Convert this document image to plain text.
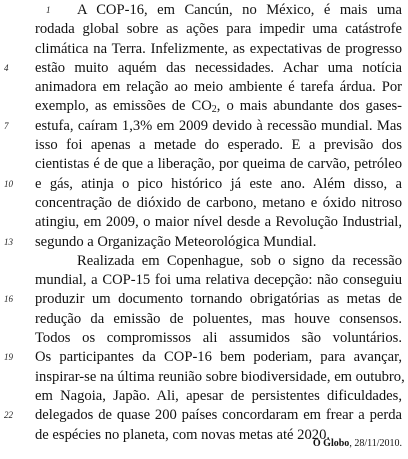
1 A COP-16, em Cancún, no México, é mais uma
rodada global sobre as ações para impedir uma catástrofe
climática na Terra. Infelizmente, as expectativas de progresso
4	estão muito aquém das necessidades. Achar uma notícia
animadora em relação ao meio ambiente é tarefa árdua. Por
exemplo, as emissões de $CO_2$, o mais abundante dos gases-
7	estufa, caíram 1,3% em 2009 devido à recessão mundial. Mas
isso foi apenas a metade do esperado. E a previsão dos
cientistas é de que a liberação, por queima de carvão, petróleo
10	e gás, atinja o pico histórico já este ano. Além disso, a
concentração de dióxido de carbono, metano e óxido nitroso
atingiu, em 2009, o maior nível desde a Revolução Industrial,
13	segundo a Organização Meteorológica Mundial.
Realizada em Copenhague, sob o signo da recessão
mundial, a COP-15 foi uma relativa decepção: não conseguiu
16	produzir um documento tornando obrigatórias as metas de
redução da emissão de poluentes, mas houve consensos.
Todos os compromissos ali assumidos são voluntários.
19	Os participantes da COP-16 bem poderiam, para avançar,
inspirar-se na última reunião sobre biodiversidade, em outubro,
em Nagoia, Japão. Ali, apesar de persistentes dificuldades,
22	delegados de quase 200 países concordaram em frear a perda
de espécies no planeta, com novas metas até 2020.
O Globo, 28/11/2010.
